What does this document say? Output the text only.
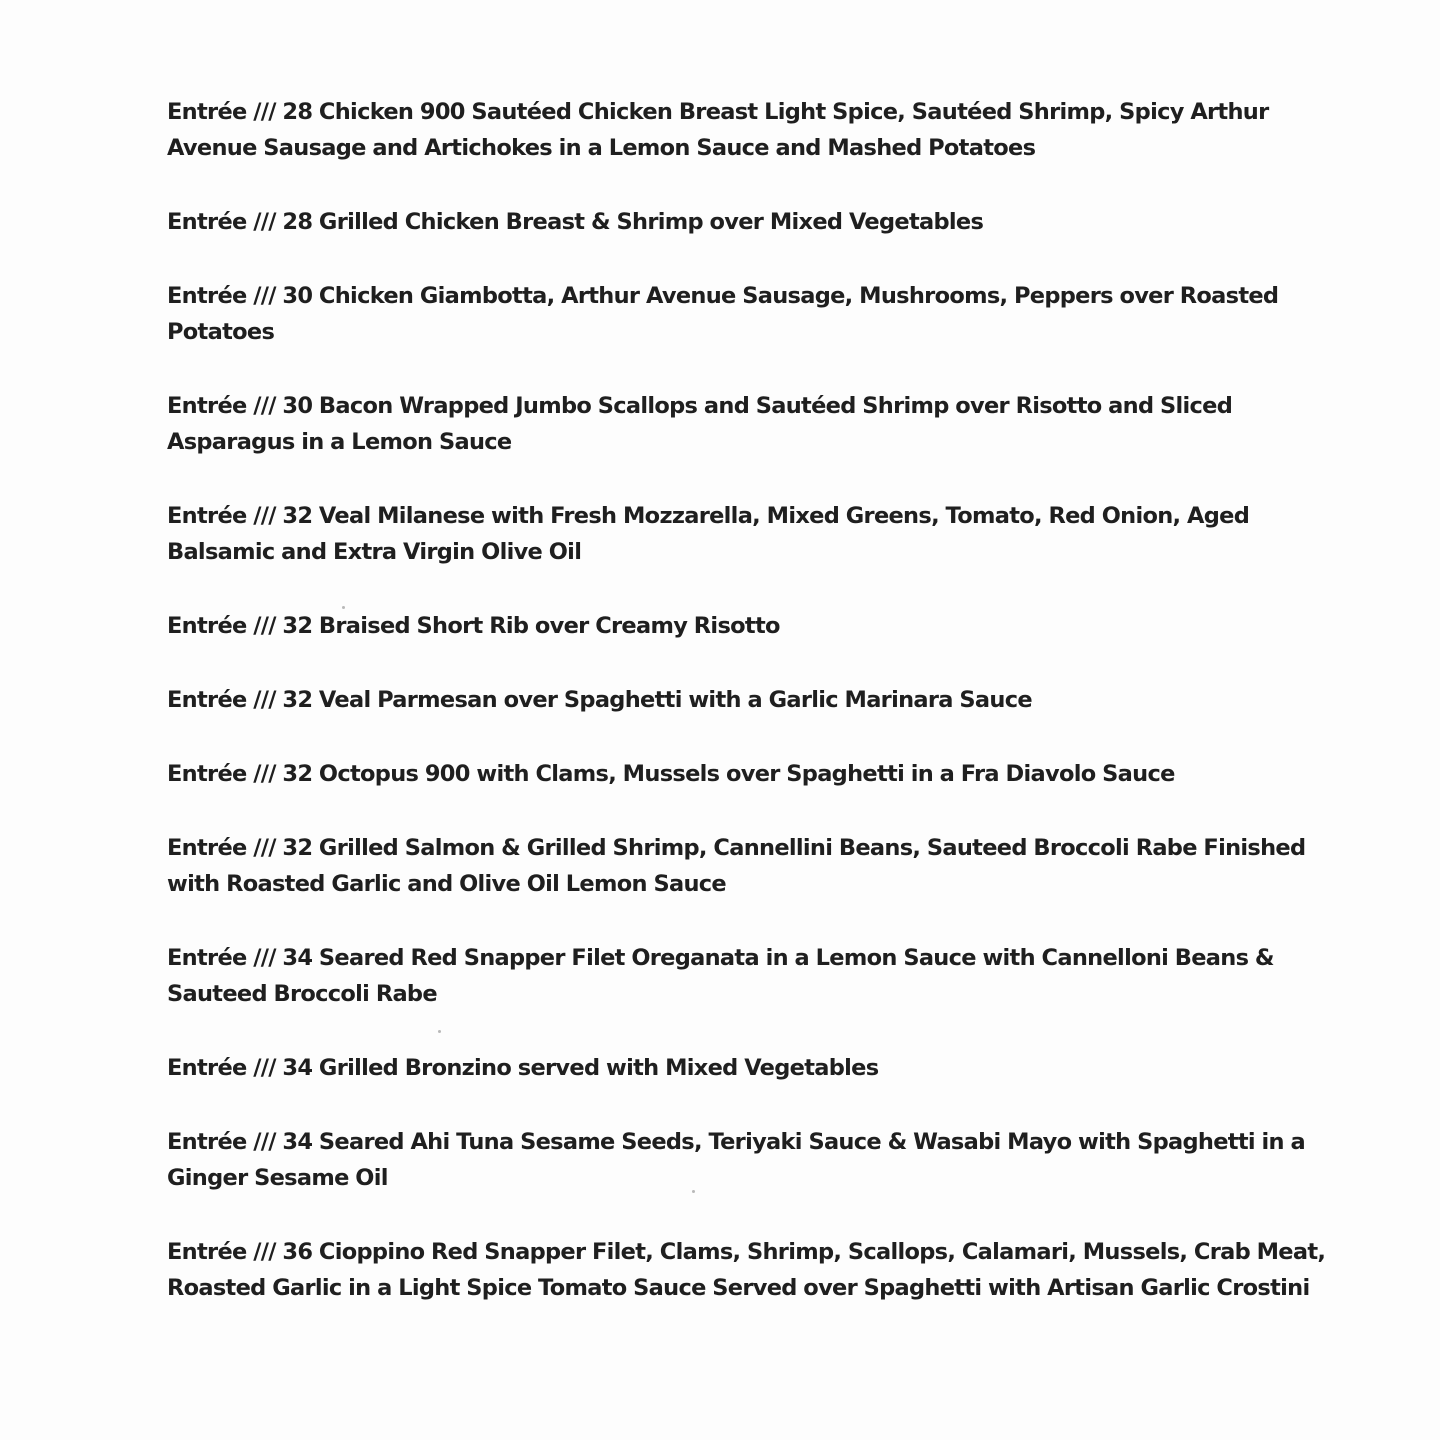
Entrée /// 28 Chicken 900 Sautéed Chicken Breast Light Spice, Sautéed Shrimp, Spicy Arthur Avenue Sausage and Artichokes in a Lemon Sauce and Mashed Potatoes
Entrée /// 28 Grilled Chicken Breast & Shrimp over Mixed Vegetables
Entrée /// 30 Chicken Giambotta, Arthur Avenue Sausage, Mushrooms, Peppers over Roasted Potatoes
Entrée /// 30 Bacon Wrapped Jumbo Scallops and Sautéed Shrimp over Risotto and Sliced Asparagus in a Lemon Sauce
Entrée /// 32 Veal Milanese with Fresh Mozzarella, Mixed Greens, Tomato, Red Onion, Aged Balsamic and Extra Virgin Olive Oil
Entrée /// 32 Braised Short Rib over Creamy Risotto
Entrée /// 32 Veal Parmesan over Spaghetti with a Garlic Marinara Sauce
Entrée /// 32 Octopus 900 with Clams, Mussels over Spaghetti in a Fra Diavolo Sauce
Entrée /// 32 Grilled Salmon & Grilled Shrimp, Cannellini Beans, Sauteed Broccoli Rabe Finished with Roasted Garlic and Olive Oil Lemon Sauce
Entrée /// 34 Seared Red Snapper Filet Oreganata in a Lemon Sauce with Cannelloni Beans & Sauteed Broccoli Rabe
Entrée /// 34 Grilled Bronzino served with Mixed Vegetables
Entrée /// 34 Seared Ahi Tuna Sesame Seeds, Teriyaki Sauce & Wasabi Mayo with Spaghetti in a Ginger Sesame Oil
Entrée /// 36 Cioppino Red Snapper Filet, Clams, Shrimp, Scallops, Calamari, Mussels, Crab Meat, Roasted Garlic in a Light Spice Tomato Sauce Served over Spaghetti with Artisan Garlic Crostini
